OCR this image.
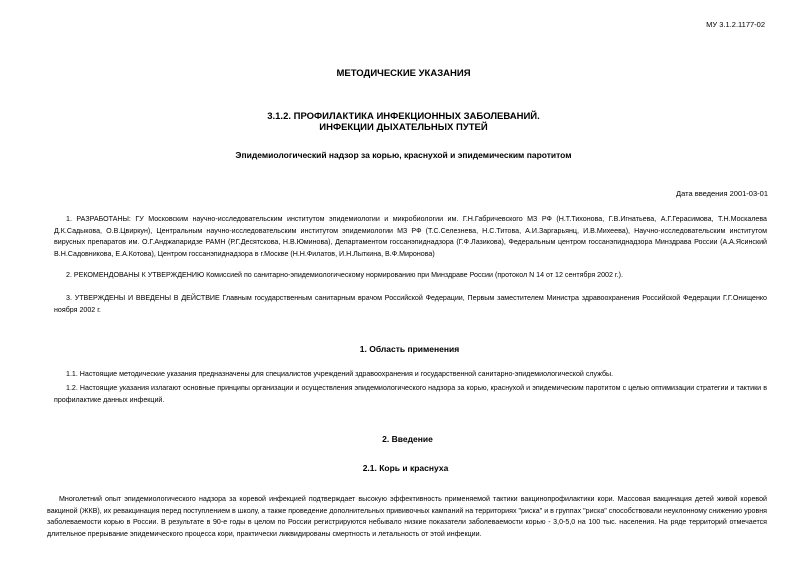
МУ 3.1.2.1177-02
МЕТОДИЧЕСКИЕ УКАЗАНИЯ
3.1.2. ПРОФИЛАКТИКА ИНФЕКЦИОННЫХ ЗАБОЛЕВАНИЙ.
ИНФЕКЦИИ ДЫХАТЕЛЬНЫХ ПУТЕЙ
Эпидемиологический надзор за корью, краснухой и эпидемическим паротитом
Дата введения 2001-03-01
1. РАЗРАБОТАНЫ: ГУ Московским научно-исследовательским институтом эпидемиологии и микробиологии им. Г.Н.Габричевского МЗ РФ (Н.Т.Тихонова, Г.В.Игнатьева, А.Г.Герасимова, Т.Н.Москалева Д.К.Садыкова, О.В.Цвиркун), Центральным научно-исследовательским институтом эпидемиологии МЗ РФ (Т.С.Селезнева, Н.С.Титова, А.И.Заргарьянц, И.В.Михеева), Научно-исследовательским институтом вирусных препаратов им. О.Г.Анджапаридзе РАМН (Р.Г.Десятскова, Н.В.Юминова), Департаментом госсанэпиднадзора (Г.Ф.Лазикова), Федеральным центром госсанэпиднадзора Минздрава России (А.А.Ясинский В.Н.Садовникова, Е.А.Котова), Центром госсанэпиднадзора в г.Москве (Н.Н.Филатов, И.Н.Лыткина, В.Ф.Миронова)
2. РЕКОМЕНДОВАНЫ К УТВЕРЖДЕНИЮ Комиссией по санитарно-эпидемиологическому нормированию при Минздраве России (протокол N 14 от 12 сентября 2002 г.).
3. УТВЕРЖДЕНЫ И ВВЕДЕНЫ В ДЕЙСТВИЕ Главным государственным санитарным врачом Российской Федерации, Первым заместителем Министра здравоохранения Российской Федерации Г.Г.Онищенко ноября 2002 г.
1. Область применения
1.1. Настоящие методические указания предназначены для специалистов учреждений здравоохранения и государственной санитарно-эпидемиологической службы.
1.2. Настоящие указания излагают основные принципы организации и осуществления эпидемиологического надзора за корью, краснухой и эпидемическим паротитом с целью оптимизации стратегии и тактики в профилактике данных инфекций.
2. Введение
2.1. Корь и краснуха
Многолетний опыт эпидемиологического надзора за коревой инфекцией подтверждает высокую эффективность применяемой тактики вакцинопрофилактики кори. Массовая вакцинация детей живой коревой вакциной (ЖКВ), их ревакцинация перед поступлением в школу, а также проведение дополнительных прививочных кампаний на территориях "риска" и в группах "риска" способствовали неуклонному снижению уровня заболеваемости корью в России. В результате в 90-е годы в целом по России регистрируются небывало низкие показатели заболеваемости корью - 3,0-5,0 на 100 тыс. населения. На ряде территорий отмечается длительное прерывание эпидемического процесса кори, практически ликвидированы смертность и летальность от этой инфекции.
